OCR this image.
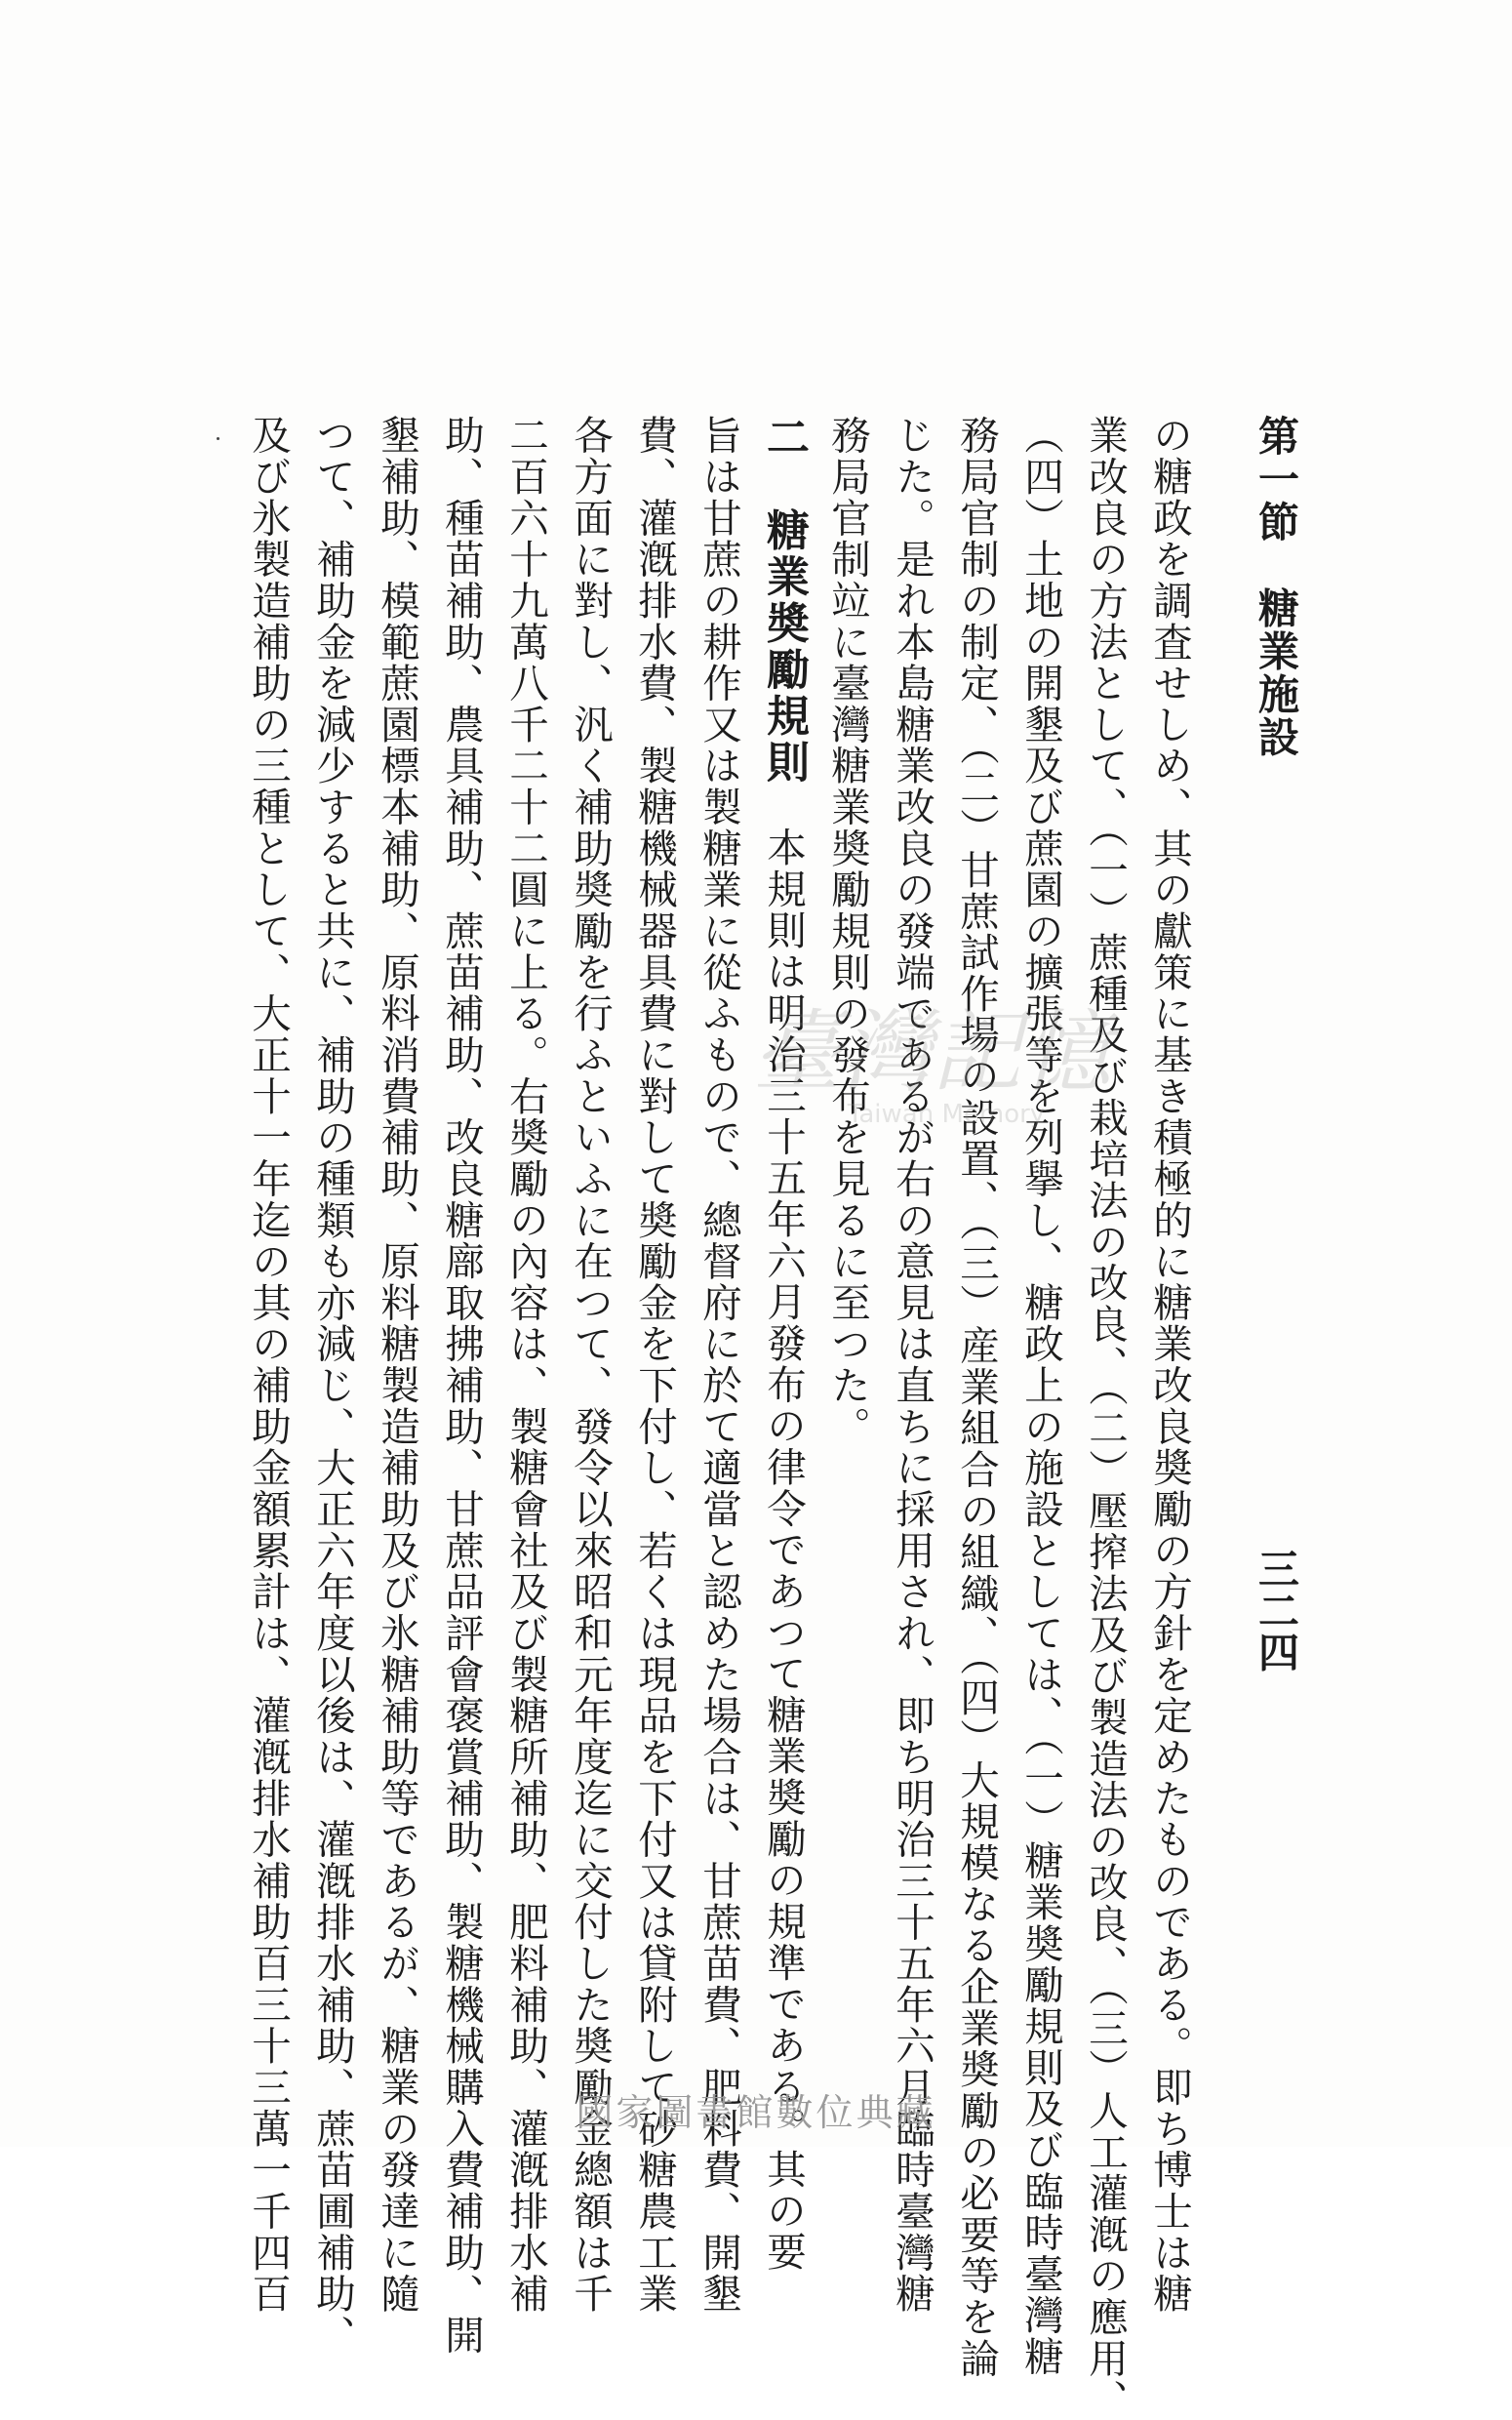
第一節　糖業施設
三二四
の糖政を調査せしめ、其の獻策に基き積極的に糖業改良奬勵の方針を定めたものである。即ち博士は糖
業改良の方法として、（一）蔗種及び栽培法の改良、（二）壓搾法及び製造法の改良、（三）人工灌漑の應用、
（四）土地の開墾及び蔗園の擴張等を列擧し、糖政上の施設としては、（一）糖業奬勵規則及び臨時臺灣糖
務局官制の制定、（二）甘蔗試作場の設置、（三）産業組合の組織、（四）大規模なる企業奬勵の必要等を論
じた。是れ本島糖業改良の發端であるが右の意見は直ちに採用され、即ち明治三十五年六月臨時臺灣糖
務局官制竝に臺灣糖業奬勵規則の發布を見るに至つた。
二　糖業奬勵規則　本規則は明治三十五年六月發布の律令であつて糖業奬勵の規準である。其の要
旨は甘蔗の耕作又は製糖業に從ふもので、總督府に於て適當と認めた場合は、甘蔗苗費、肥料費、開墾
費、灌漑排水費、製糖機械器具費に對して奬勵金を下付し、若くは現品を下付又は貸附して砂糖農工業
各方面に對し、汎く補助奬勵を行ふといふに在つて、發令以來昭和元年度迄に交付した奬勵金總額は千
二百六十九萬八千二十二圓に上る。右奬勵の內容は、製糖會社及び製糖所補助、肥料補助、灌漑排水補
助、種苗補助、農具補助、蔗苗補助、改良糖廍取拂補助、甘蔗品評會褒賞補助、製糖機械購入費補助、開
墾補助、模範蔗園標本補助、原料消費補助、原料糖製造補助及び氷糖補助等であるが、糖業の發達に隨
つて、補助金を減少すると共に、補助の種類も亦減じ、大正六年度以後は、灌漑排水補助、蔗苗圃補助、
及び氷製造補助の三種として、大正十一年迄の其の補助金額累計は、灌漑排水補助百三十三萬一千四百	臺灣記憶
Taiwan Memory
國家圖書館數位典藏
